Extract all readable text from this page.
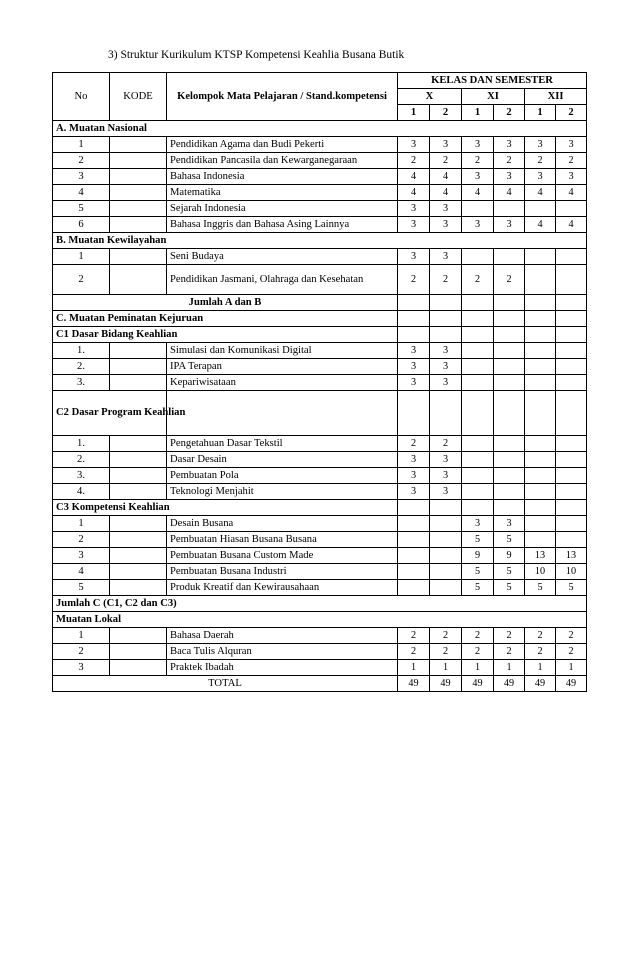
3) Struktur Kurikulum KTSP Kompetensi Keahlia Busana Butik
No	KODE	Kelompok Mata Pelajaran / Stand.kompetensi	KELAS DAN SEMESTER					
			X		XI		XII	
			1	2	1	2	1	2
A. Muatan Nasional								
1		Pendidikan Agama dan Budi Pekerti	3	3	3	3	3	3
2		Pendidikan Pancasila dan Kewarganegaraan	2	2	2	2	2	2
3		Bahasa Indonesia	4	4	3	3	3	3
4		Matematika	4	4	4	4	4	4
5		Sejarah Indonesia	3	3				
6		Bahasa Inggris dan Bahasa Asing Lainnya	3	3	3	3	4	4
B. Muatan Kewilayahan								
1		Seni Budaya	3	3				
2		Pendidikan Jasmani, Olahraga dan Kesehatan	2	2	2	2		
Jumlah A dan B								
C. Muatan Peminatan Kejuruan								
C1 Dasar Bidang Keahlian								
1.		Simulasi dan Komunikasi Digital	3	3				
2.		IPA Terapan	3	3				
3.		Kepariwisataan	3	3				
C2 Dasar Program Keahlian								
1.		Pengetahuan Dasar Tekstil	2	2				
2.		Dasar Desain	3	3				
3.		Pembuatan Pola	3	3				
4.		Teknologi Menjahit	3	3				
C3 Kompetensi Keahlian								
1		Desain Busana			3	3		
2		Pembuatan Hiasan Busana Busana			5	5		
3		Pembuatan Busana Custom Made			9	9	13	13
4		Pembuatan Busana Industri			5	5	10	10
5		Produk Kreatif dan Kewirausahaan			5	5	5	5
Jumlah C (C1, C2 dan C3)								
Muatan Lokal								
1		Bahasa Daerah	2	2	2	2	2	2
2		Baca Tulis Alquran	2	2	2	2	2	2
3		Praktek Ibadah	1	1	1	1	1	1
TOTAL			49	49	49	49	49	49
